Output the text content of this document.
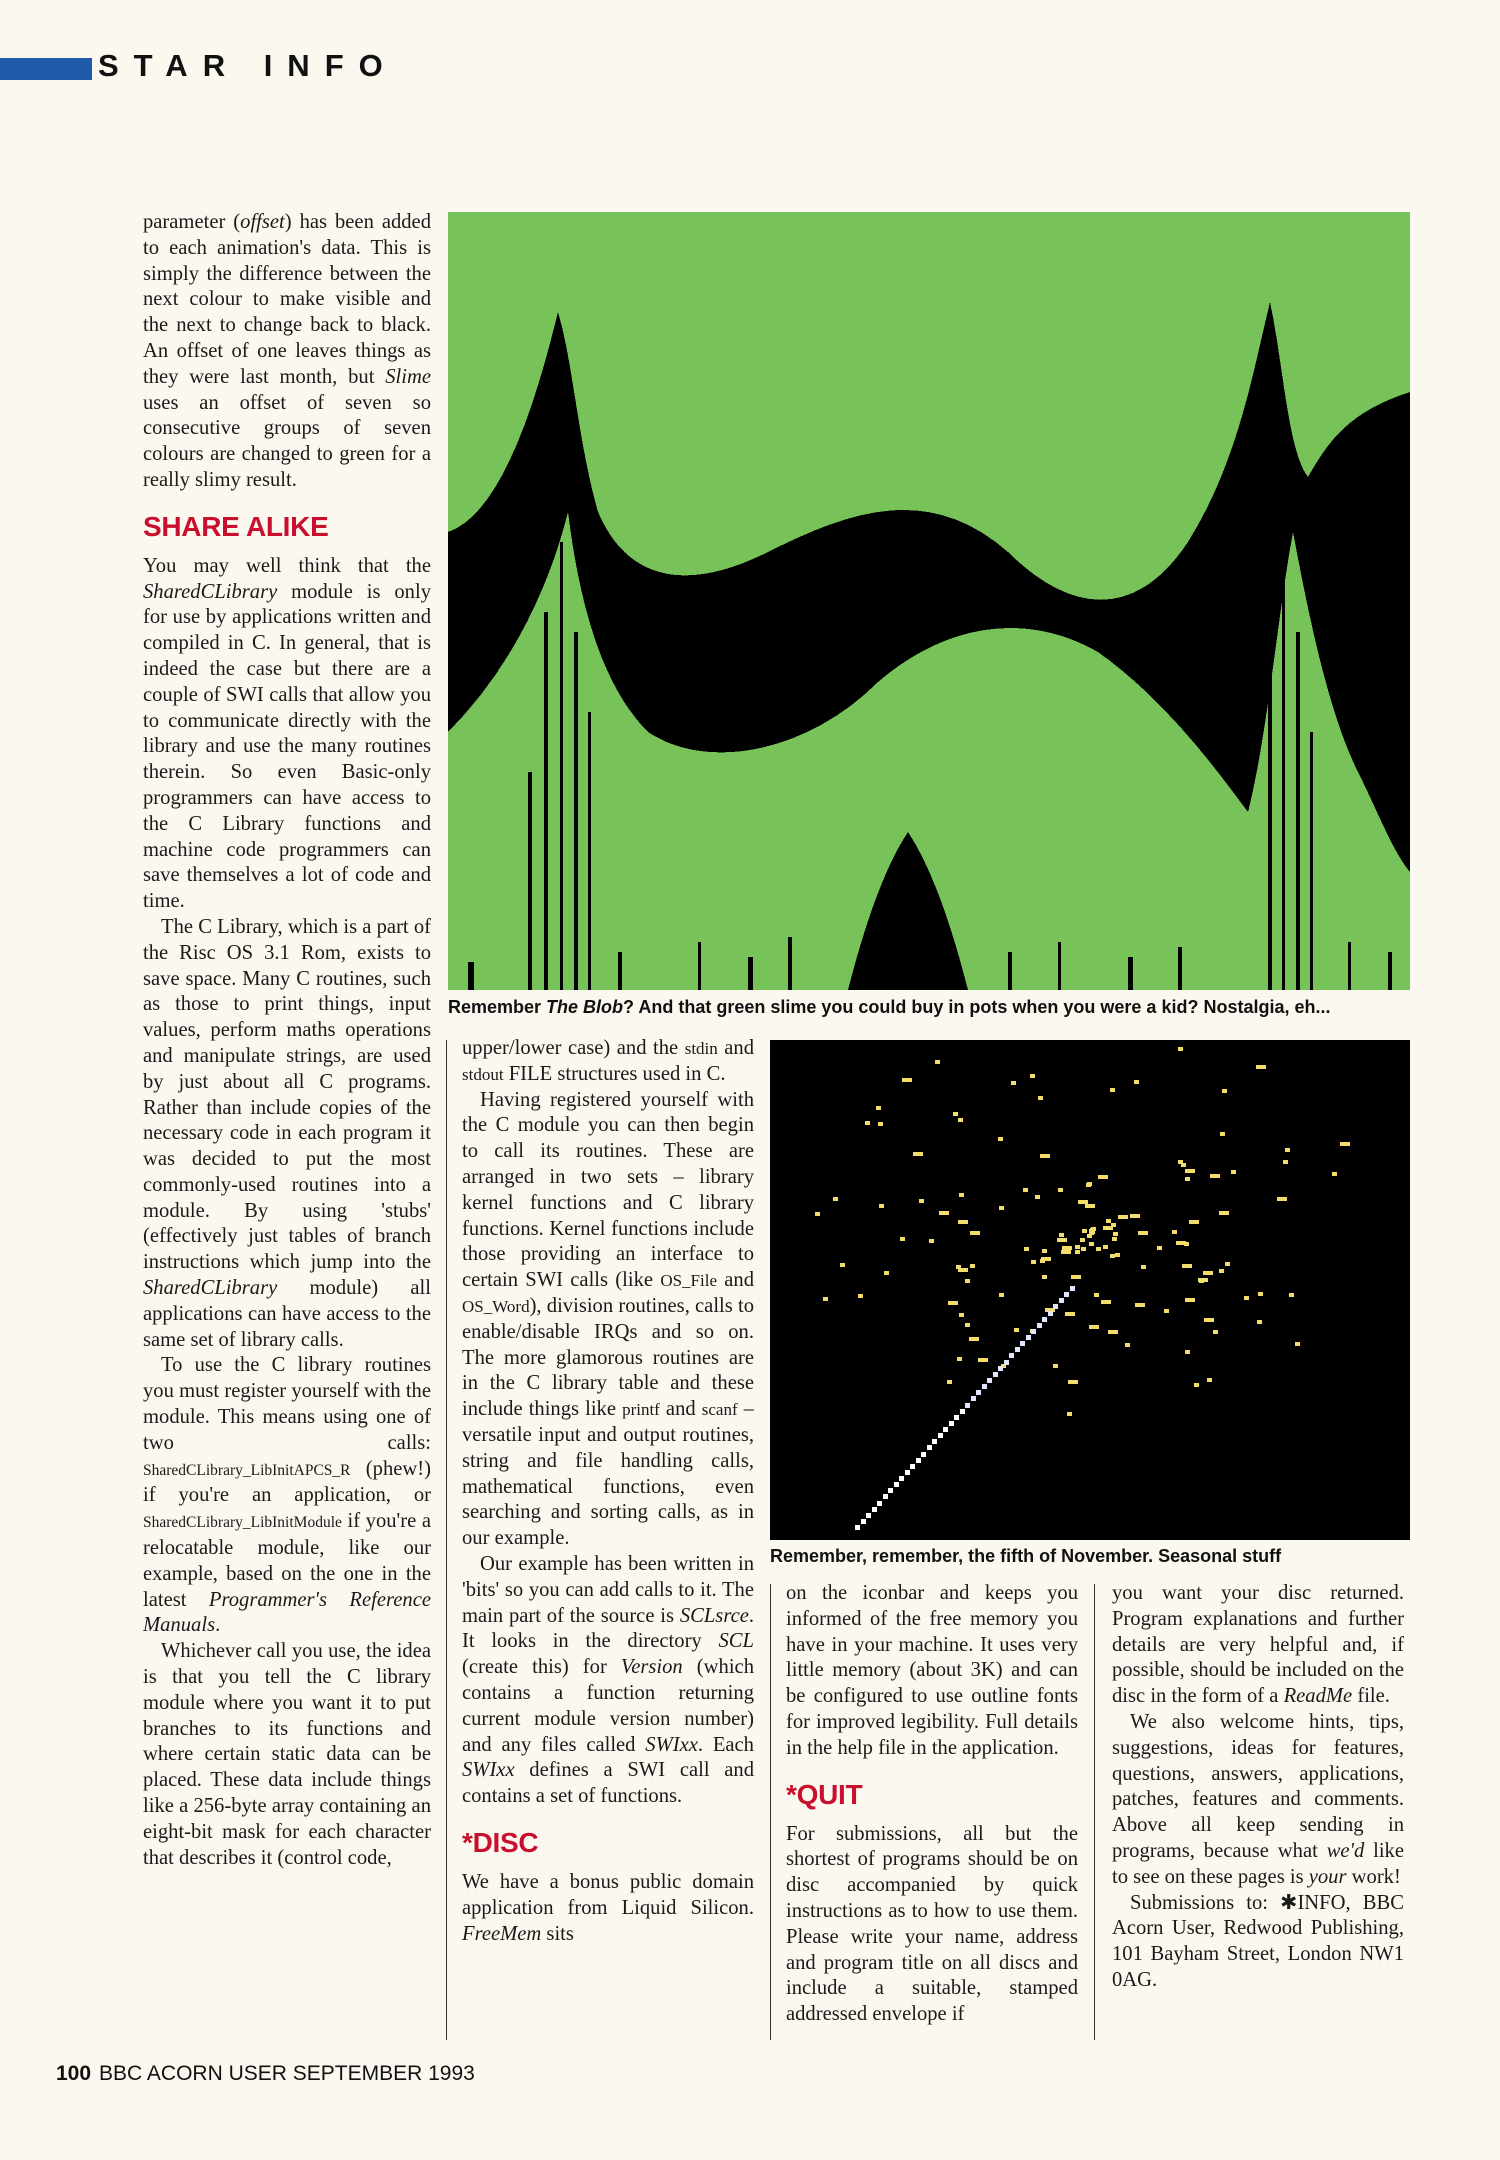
STAR INFO

parameter (offset) has been added to each animation's data. This is simply the difference between the next colour to make visible and the next to change back to black. An offset of one leaves things as they were last month, but Slime uses an offset of seven so consecutive groups of seven colours are changed to green for a really slimy result.

SHARE ALIKE

You may well think that the SharedCLibrary module is only for use by applications written and compiled in C. In general, that is indeed the case but there are a couple of SWI calls that allow you to communicate directly with the library and use the many routines therein. So even Basic-only programmers can have access to the C Library functions and machine code programmers can save themselves a lot of code and time.

The C Library, which is a part of the Risc OS 3.1 Rom, exists to save space. Many C routines, such as those to print things, input values, perform maths operations and manipulate strings, are used by just about all C programs. Rather than include copies of the necessary code in each program it was decided to put the most commonly-used routines into a module. By using 'stubs' (effectively just tables of branch instructions which jump into the SharedCLibrary module) all applications can have access to the same set of library calls.

To use the C library routines you must register yourself with the module. This means using one of two calls: SharedCLibrary_LibInitAPCS_R (phew!) if you're an application, or SharedCLibrary_LibInitModule if you're a relocatable module, like our example, based on the one in the latest Programmer's Reference Manuals.

Whichever call you use, the idea is that you tell the C library module where you want it to put branches to its functions and where certain static data can be placed. These data include things like a 256-byte array containing an eight-bit mask for each character that describes it (control code,

Remember The Blob? And that green slime you could buy in pots when you were a kid? Nostalgia, eh...

upper/lower case) and the stdin and stdout FILE structures used in C.

Having registered yourself with the C module you can then begin to call its routines. These are arranged in two sets – library kernel functions and C library functions. Kernel functions include those providing an interface to certain SWI calls (like OS_File and OS_Word), division routines, calls to enable/disable IRQs and so on. The more glamorous routines are in the C library table and these include things like printf and scanf – versatile input and output routines, string and file handling calls, mathematical functions, even searching and sorting calls, as in our example.

Our example has been written in 'bits' so you can add calls to it. The main part of the source is SCLsrce. It looks in the directory SCL (create this) for Version (which contains a function returning current module version number) and any files called SWIxx. Each SWIxx defines a SWI call and contains a set of functions.

*DISC

We have a bonus public domain application from Liquid Silicon. FreeMem sits

Remember, remember, the fifth of November. Seasonal stuff

on the iconbar and keeps you informed of the free memory you have in your machine. It uses very little memory (about 3K) and can be configured to use outline fonts for improved legibility. Full details in the help file in the application.

*QUIT

For submissions, all but the shortest of programs should be on disc accompanied by quick instructions as to how to use them. Please write your name, address and program title on all discs and include a suitable, stamped addressed envelope if

you want your disc returned. Program explanations and further details are very helpful and, if possible, should be included on the disc in the form of a ReadMe file.

We also welcome hints, tips, suggestions, ideas for features, questions, answers, applications, patches, features and comments. Above all keep sending in programs, because what we'd like to see on these pages is your work!

Submissions to: ✱INFO, BBC Acorn User, Redwood Publishing, 101 Bayham Street, London NW1 0AG.

100 BBC ACORN USER SEPTEMBER 1993
